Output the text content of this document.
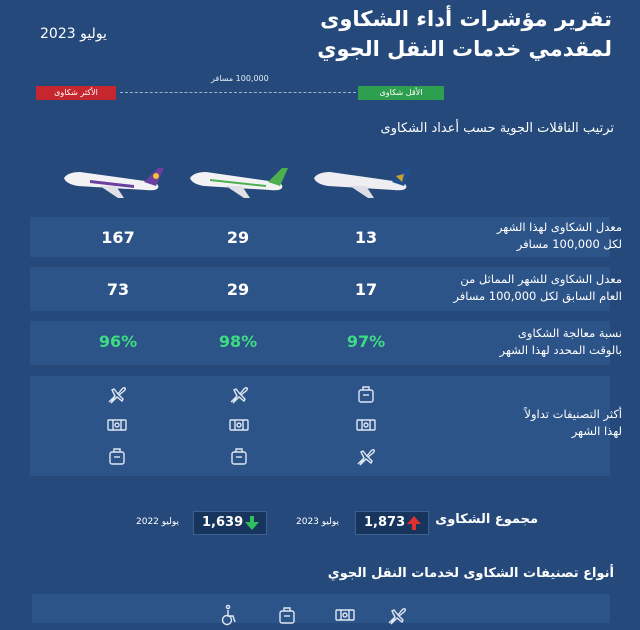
تقرير مؤشرات أداء الشكاوى
لمقدمي خدمات النقل الجوي
يوليو 2023
100,000 مسافر
الأكثر شكاوى	الأقل شكاوى
ترتيب الناقلات الجوية حسب أعداد الشكاوى
معدل الشكاوى لهذا الشهر
لكل 100,000 مسافر
13
29
167
معدل الشكاوى للشهر المماثل من
العام السابق لكل 100,000 مسافر
17
29
73
نسبة معالجة الشكاوى
بالوقت المحدد لهذا الشهر
97%
98%
96%
أكثر التصنيفات تداولاً
لهذا الشهر
مجموع الشكاوى
يوليو 2023 1,873
يوليو 2022 1,639
أنواع تصنيفات الشكاوى لخدمات النقل الجوي
